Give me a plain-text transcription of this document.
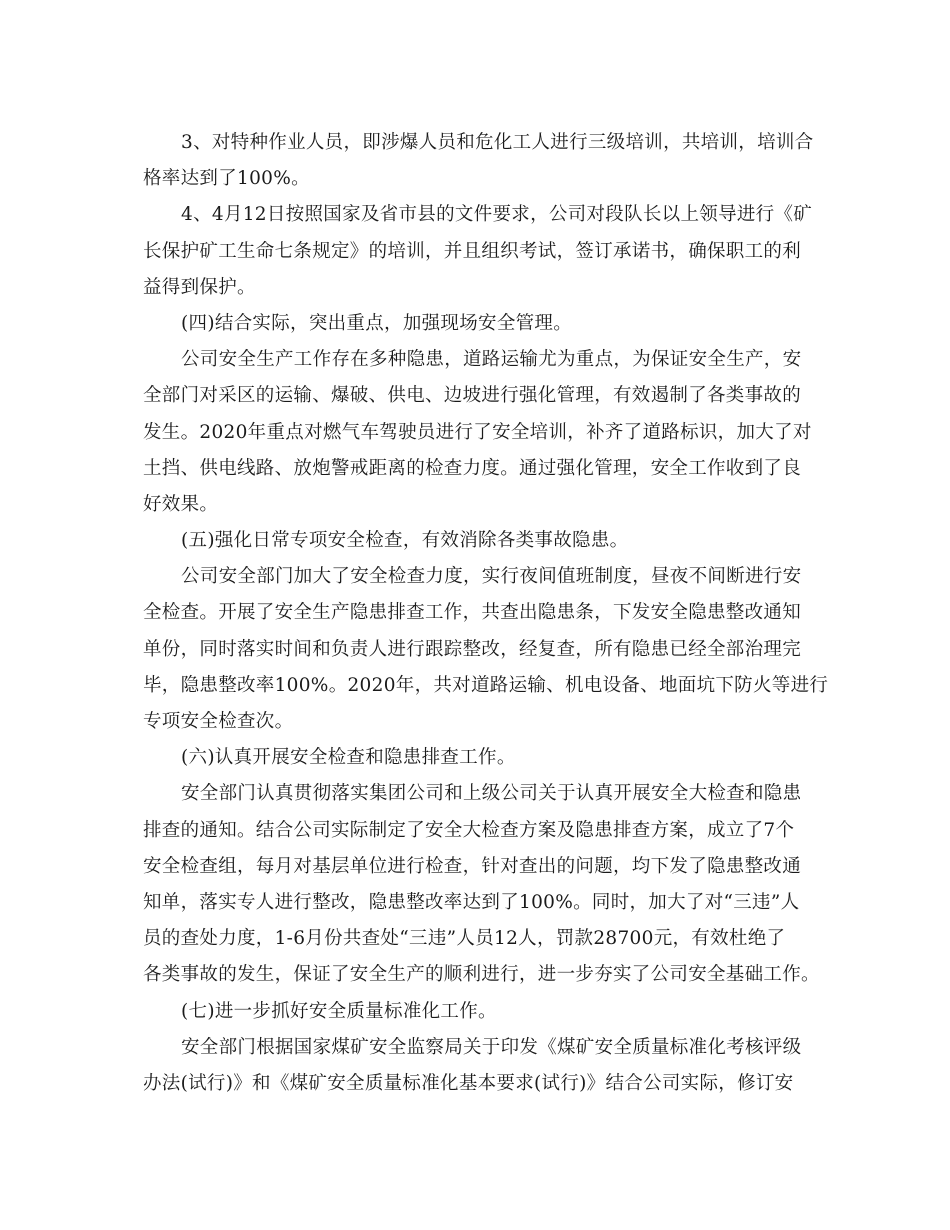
3、对特种作业人员，即涉爆人员和危化工人进行三级培训，共培训，培训合
格率达到了100%。
4、4月12日按照国家及省市县的文件要求，公司对段队长以上领导进行《矿
长保护矿工生命七条规定》的培训，并且组织考试，签订承诺书，确保职工的利
益得到保护。
(四)结合实际，突出重点，加强现场安全管理。
公司安全生产工作存在多种隐患，道路运输尤为重点，为保证安全生产，安
全部门对采区的运输、爆破、供电、边坡进行强化管理，有效遏制了各类事故的
发生。2020年重点对燃气车驾驶员进行了安全培训，补齐了道路标识，加大了对
土挡、供电线路、放炮警戒距离的检查力度。通过强化管理，安全工作收到了良
好效果。
(五)强化日常专项安全检查，有效消除各类事故隐患。
公司安全部门加大了安全检查力度，实行夜间值班制度，昼夜不间断进行安
全检查。开展了安全生产隐患排查工作，共查出隐患条，下发安全隐患整改通知
单份，同时落实时间和负责人进行跟踪整改，经复查，所有隐患已经全部治理完
毕，隐患整改率100%。2020年，共对道路运输、机电设备、地面坑下防火等进行
专项安全检查次。
(六)认真开展安全检查和隐患排查工作。
安全部门认真贯彻落实集团公司和上级公司关于认真开展安全大检查和隐患
排查的通知。结合公司实际制定了安全大检查方案及隐患排查方案，成立了7个
安全检查组，每月对基层单位进行检查，针对查出的问题，均下发了隐患整改通
知单，落实专人进行整改，隐患整改率达到了100%。同时，加大了对“三违”人
员的查处力度，1-6月份共查处“三违”人员12人，罚款28700元，有效杜绝了
各类事故的发生，保证了安全生产的顺利进行，进一步夯实了公司安全基础工作。
(七)进一步抓好安全质量标准化工作。
安全部门根据国家煤矿安全监察局关于印发《煤矿安全质量标准化考核评级
办法(试行)》和《煤矿安全质量标准化基本要求(试行)》结合公司实际，修订安
